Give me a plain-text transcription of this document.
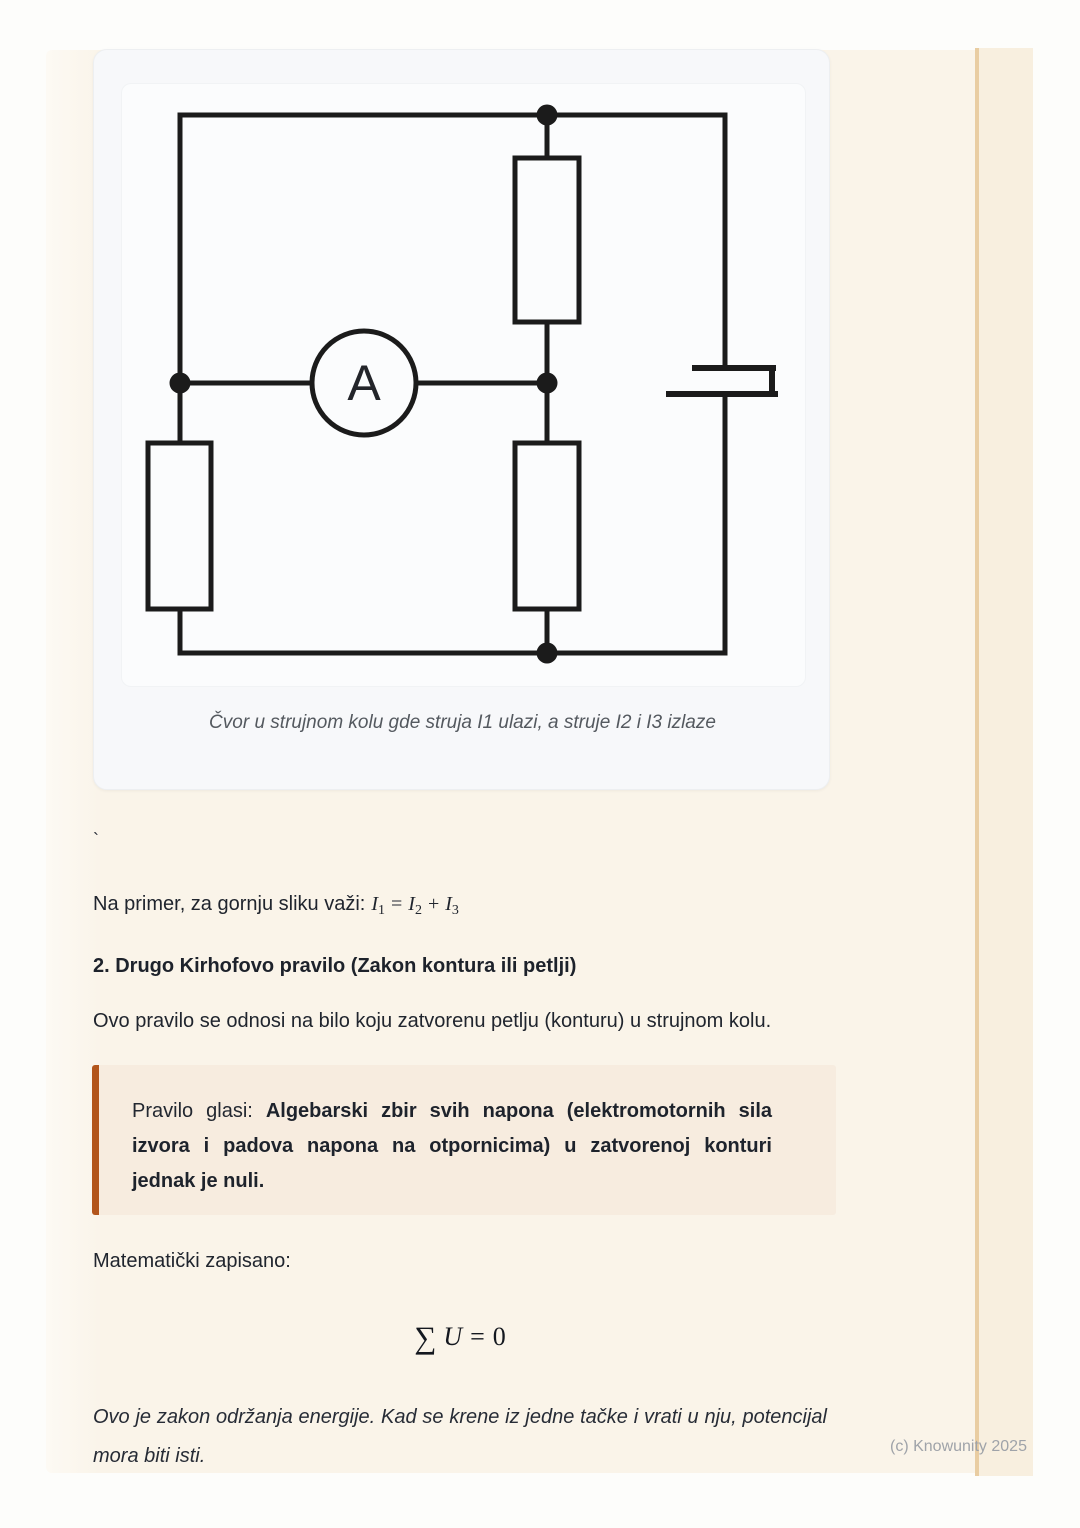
A
Čvor u strujnom kolu gde struja I1 ulazi, a struje I2 i I3 izlaze
`
Na primer, za gornju sliku važi: $I_1 = I_2 + I_3$
2. Drugo Kirhofovo pravilo (Zakon kontura ili petlji)
Ovo pravilo se odnosi na bilo koju zatvorenu petlju (konturu) u strujnom kolu.
Pravilo glasi: Algebarski zbir svih napona (elektromotornih sila izvora i padova napona na otpornicima) u zatvorenoj konturi jednak je nuli.
Matematički zapisano:
∑ U = 0
Ovo je zakon održanja energije. Kad se krene iz jedne tačke i vrati u nju, potencijal mora biti isti.	(c) Knowunity 2025
